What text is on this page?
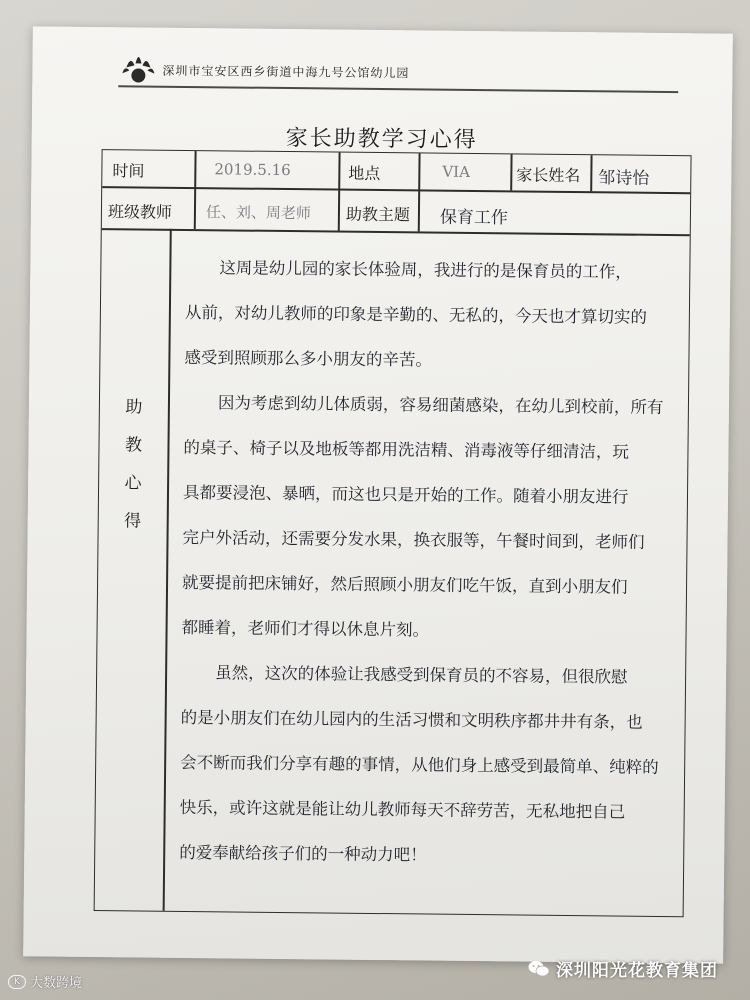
深圳市宝安区西乡街道中海九号公馆幼儿园
家长助教学习心得
时间	2019.5.16	地点	VIA	家长姓名 邹诗怡
班级教师 任、刘、周老师 助教主题 保育工作
助
教
心
得
这周是幼儿园的家长体验周，我进行的是保育员的工作，
从前，对幼儿教师的印象是辛勤的、无私的，今天也才算切实的
感受到照顾那么多小朋友的辛苦。
因为考虑到幼儿体质弱，容易细菌感染，在幼儿到校前，所有
的桌子、椅子以及地板等都用洗洁精、消毒液等仔细清洁，玩
具都要浸泡、暴晒，而这也只是开始的工作。随着小朋友进行
完户外活动，还需要分发水果，换衣服等，午餐时间到，老师们
就要提前把床铺好，然后照顾小朋友们吃午饭，直到小朋友们
都睡着，老师们才得以休息片刻。
虽然，这次的体验让我感受到保育员的不容易，但很欣慰
的是小朋友们在幼儿园内的生活习惯和文明秩序都井井有条，也
会不断而我们分享有趣的事情，从他们身上感受到最简单、纯粹的
快乐，或许这就是能让幼儿教师每天不辞劳苦，无私地把自己
的爱奉献给孩子们的一种动力吧！
K 大数跨境
深圳阳光花教育集团
